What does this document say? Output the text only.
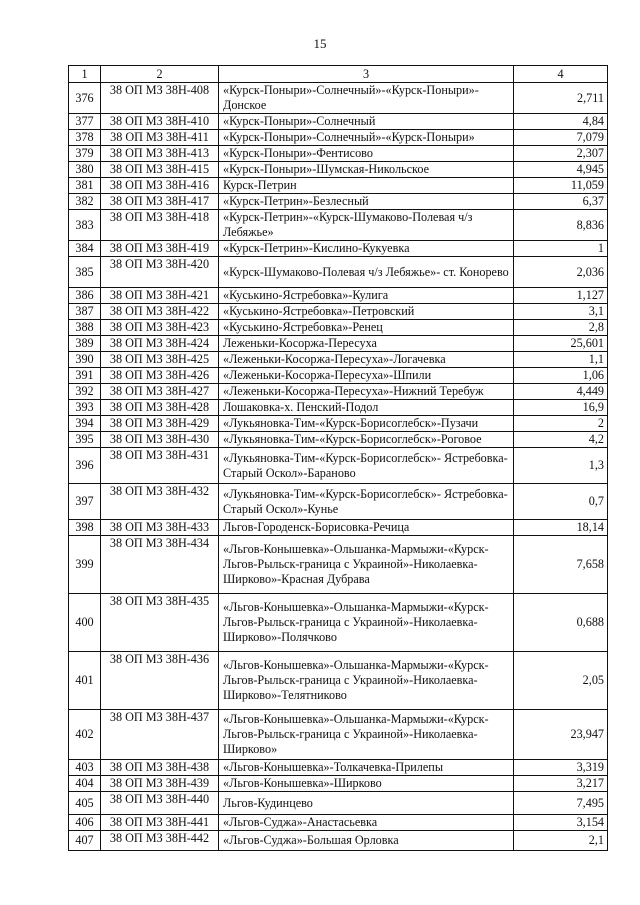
15
1	2	3	4
376	38 ОП МЗ 38Н-408	«Курск-Поныри»-Солнечный»-«Курск-Поныри»-Донское	2,711
377	38 ОП МЗ 38Н-410	«Курск-Поныри»-Солнечный	4,84
378	38 ОП МЗ 38Н-411	«Курск-Поныри»-Солнечный»-«Курск-Поныри»	7,079
379	38 ОП МЗ 38Н-413	«Курск-Поныри»-Фентисово	2,307
380	38 ОП МЗ 38Н-415	«Курск-Поныри»-Шумская-Никольское	4,945
381	38 ОП МЗ 38Н-416	Курск-Петрин	11,059
382	38 ОП МЗ 38Н-417	«Курск-Петрин»-Безлесный	6,37
383	38 ОП МЗ 38Н-418	«Курск-Петрин»-«Курск-Шумаково-Полевая ч/з Лебяжье»	8,836
384	38 ОП МЗ 38Н-419	«Курск-Петрин»-Кислино-Кукуевка	1
385	38 ОП МЗ 38Н-420	«Курск-Шумаково-Полевая ч/з Лебяжье»- ст. Конорево	2,036
386	38 ОП МЗ 38Н-421	«Куськино-Ястребовка»-Кулига	1,127
387	38 ОП МЗ 38Н-422	«Куськино-Ястребовка»-Петровский	3,1
388	38 ОП МЗ 38Н-423	«Куськино-Ястребовка»-Ренец	2,8
389	38 ОП МЗ 38Н-424	Леженьки-Косоржа-Пересуха	25,601
390	38 ОП МЗ 38Н-425	«Леженьки-Косоржа-Пересуха»-Логачевка	1,1
391	38 ОП МЗ 38Н-426	«Леженьки-Косоржа-Пересуха»-Шпили	1,06
392	38 ОП МЗ 38Н-427	«Леженьки-Косоржа-Пересуха»-Нижний Теребуж	4,449
393	38 ОП МЗ 38Н-428	Лошаковка-х. Пенский-Подол	16,9
394	38 ОП МЗ 38Н-429	«Лукьяновка-Тим-«Курск-Борисоглебск»-Пузачи	2
395	38 ОП МЗ 38Н-430	«Лукьяновка-Тим-«Курск-Борисоглебск»-Роговое	4,2
396	38 ОП МЗ 38Н-431	«Лукьяновка-Тим-«Курск-Борисоглебск»- Ястребовка-Старый Оскол»-Бараново	1,3
397	38 ОП МЗ 38Н-432	«Лукьяновка-Тим-«Курск-Борисоглебск»- Ястребовка-Старый Оскол»-Кунье	0,7
398	38 ОП МЗ 38Н-433	Льгов-Городенск-Борисовка-Речица	18,14
399	38 ОП МЗ 38Н-434	«Льгов-Конышевка»-Ольшанка-Мармыжи-«Курск-Льгов-Рыльск-граница с Украиной»-Николаевка-Ширково»-Красная Дубрава	7,658
400	38 ОП МЗ 38Н-435	«Льгов-Конышевка»-Ольшанка-Мармыжи-«Курск-Льгов-Рыльск-граница с Украиной»-Николаевка-Ширково»-Полячково	0,688
401	38 ОП МЗ 38Н-436	«Льгов-Конышевка»-Ольшанка-Мармыжи-«Курск-Льгов-Рыльск-граница с Украиной»-Николаевка-Ширково»-Телятниково	2,05
402	38 ОП МЗ 38Н-437	«Льгов-Конышевка»-Ольшанка-Мармыжи-«Курск-Льгов-Рыльск-граница с Украиной»-Николаевка-Ширково»	23,947
403	38 ОП МЗ 38Н-438	«Льгов-Конышевка»-Толкачевка-Прилепы	3,319
404	38 ОП МЗ 38Н-439	«Льгов-Конышевка»-Ширково	3,217
405	38 ОП МЗ 38Н-440	Льгов-Кудинцево	7,495
406	38 ОП МЗ 38Н-441	«Льгов-Суджа»-Анастасьевка	3,154
407	38 ОП МЗ 38Н-442	«Льгов-Суджа»-Большая Орловка	2,1
